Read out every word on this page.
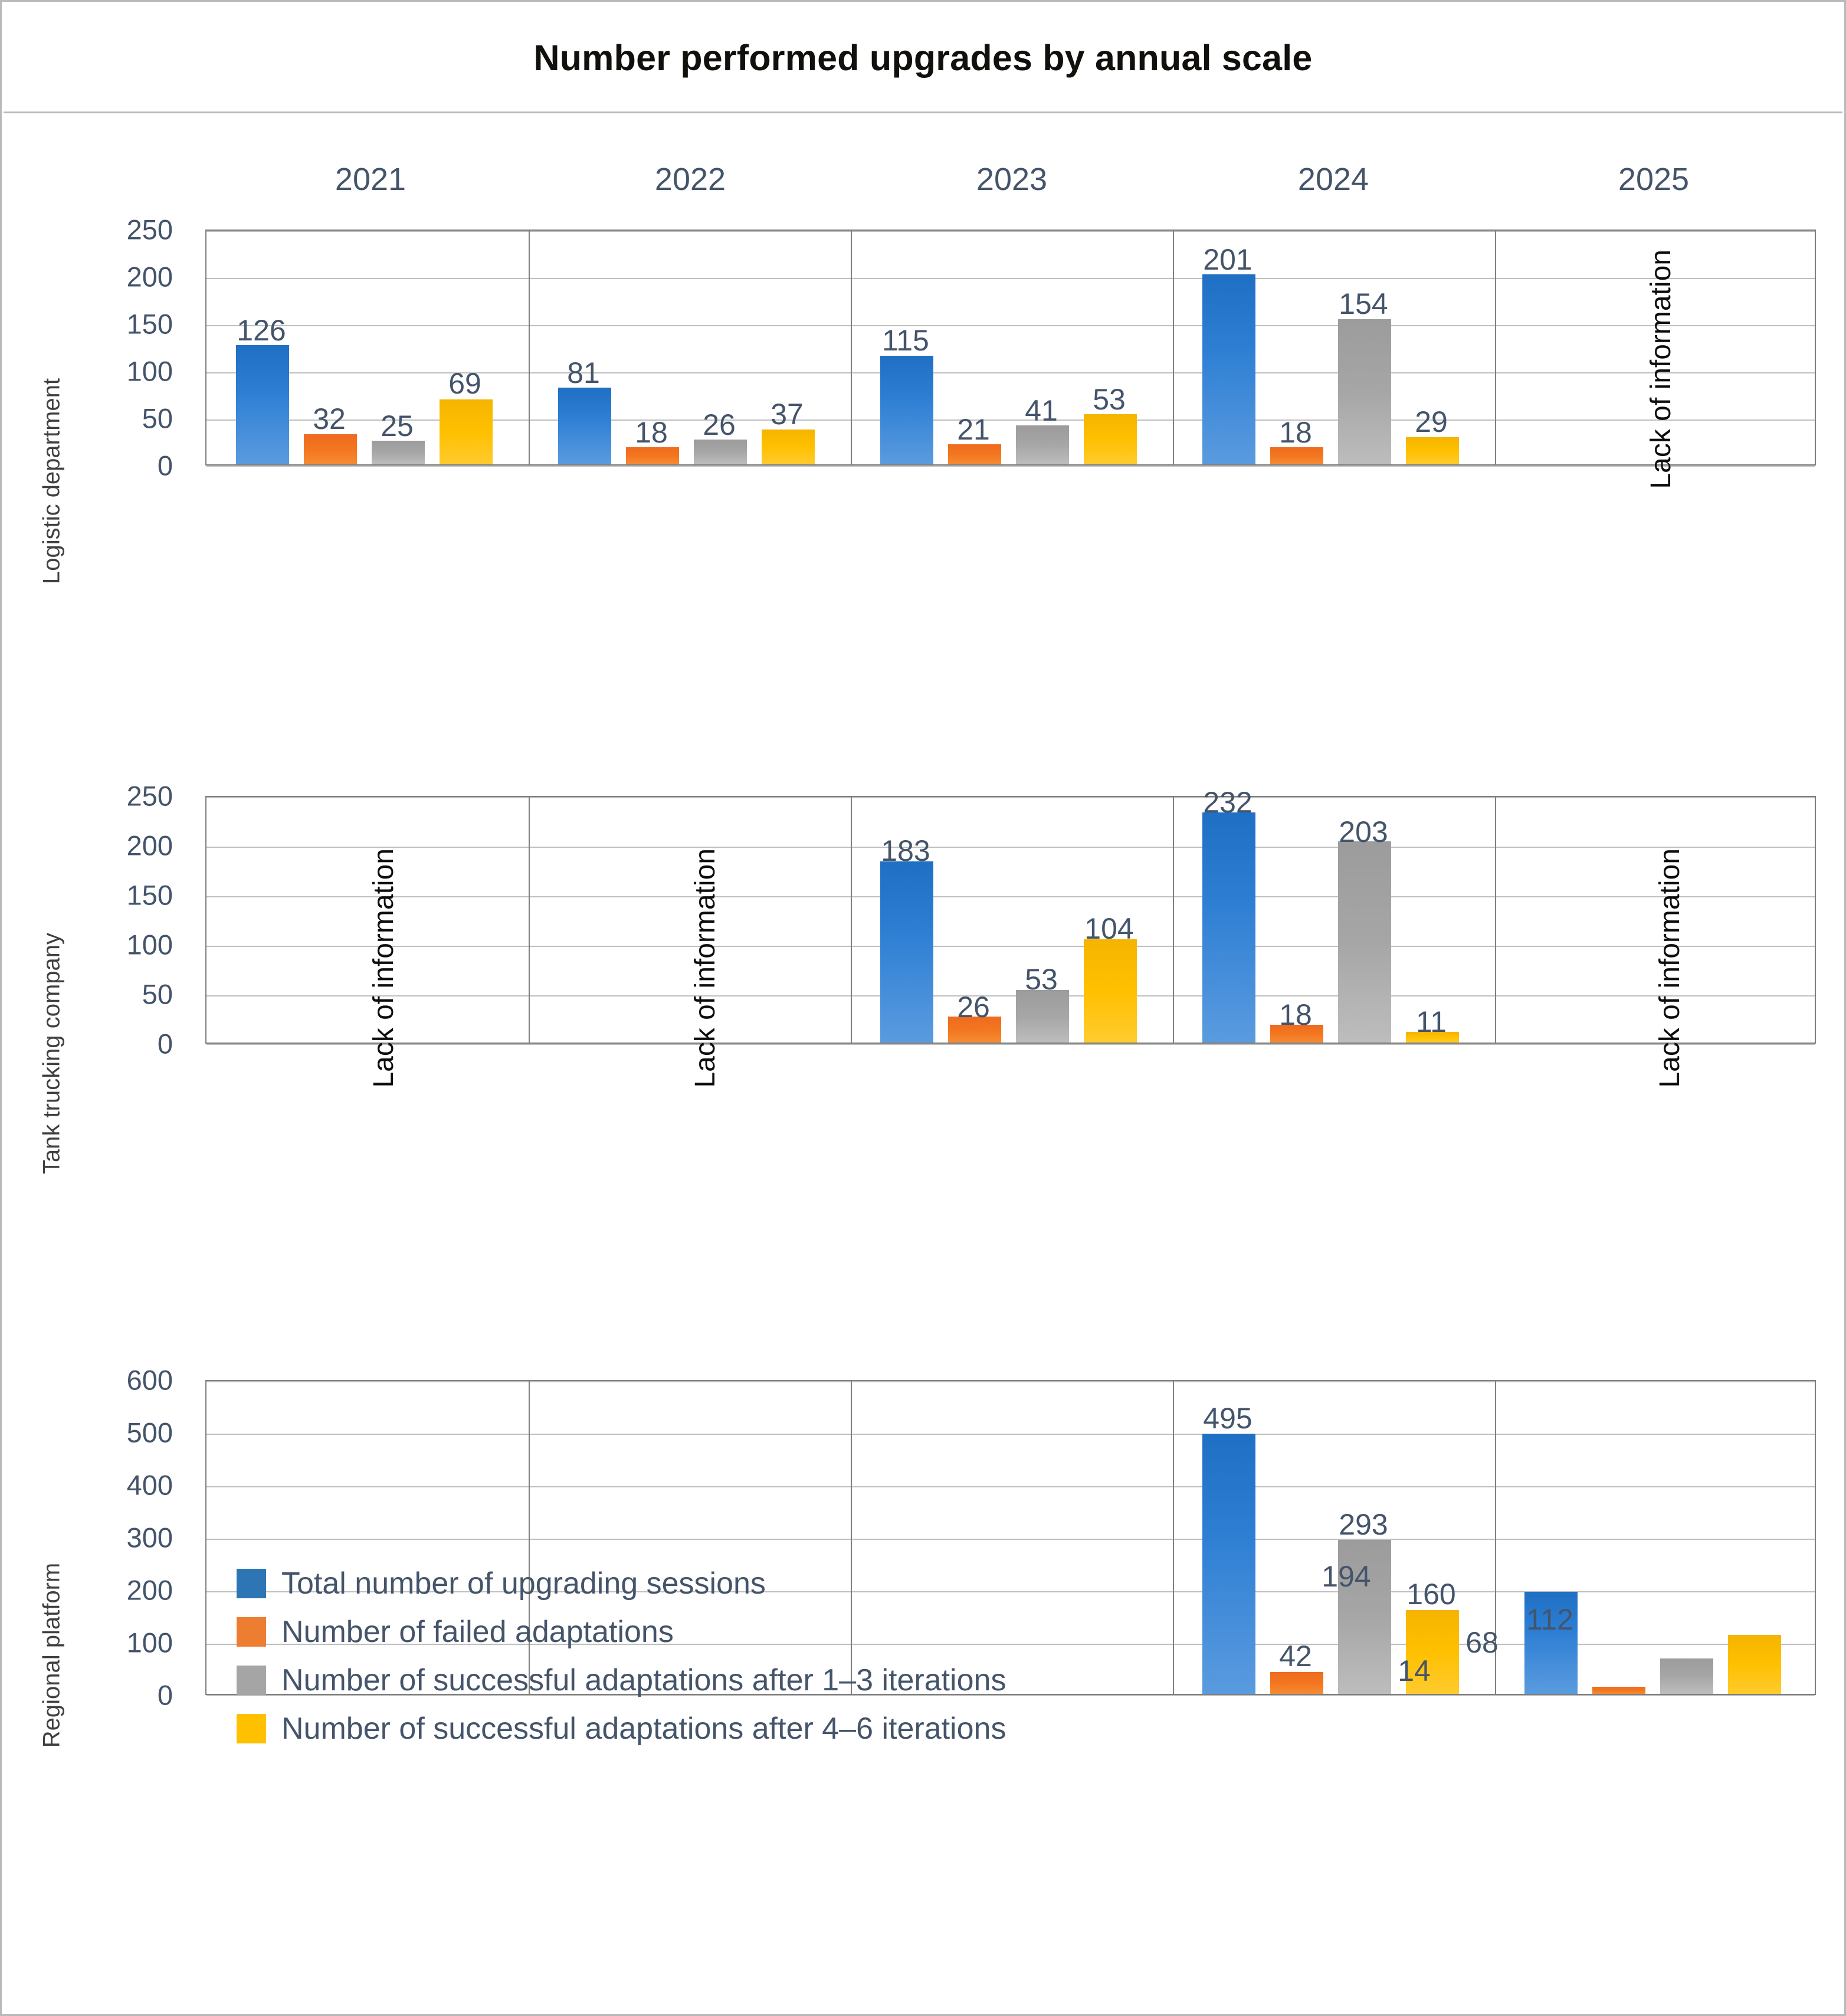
Number performed upgrades by annual scale
2021	2022	2023	2024	2025
Logistic department
250
200
150
100
50
0
126
32 25
69	81
18 26 37
115
21
41 53
201
18
154
29	Lack of information
Tank trucking company
250
200
150
100
50
0	Lack of information	Lack of information	Lack of information
183
26
53
104
232
18
203
11
Regional platform
600
500
400
300
200
100
0
495
42
293
160
194
14
68
112
Total number of upgrading sessions
Number of failed adaptations
Number of successful adaptations after 1–3 iterations
Number of successful adaptations after 4–6 iterations
